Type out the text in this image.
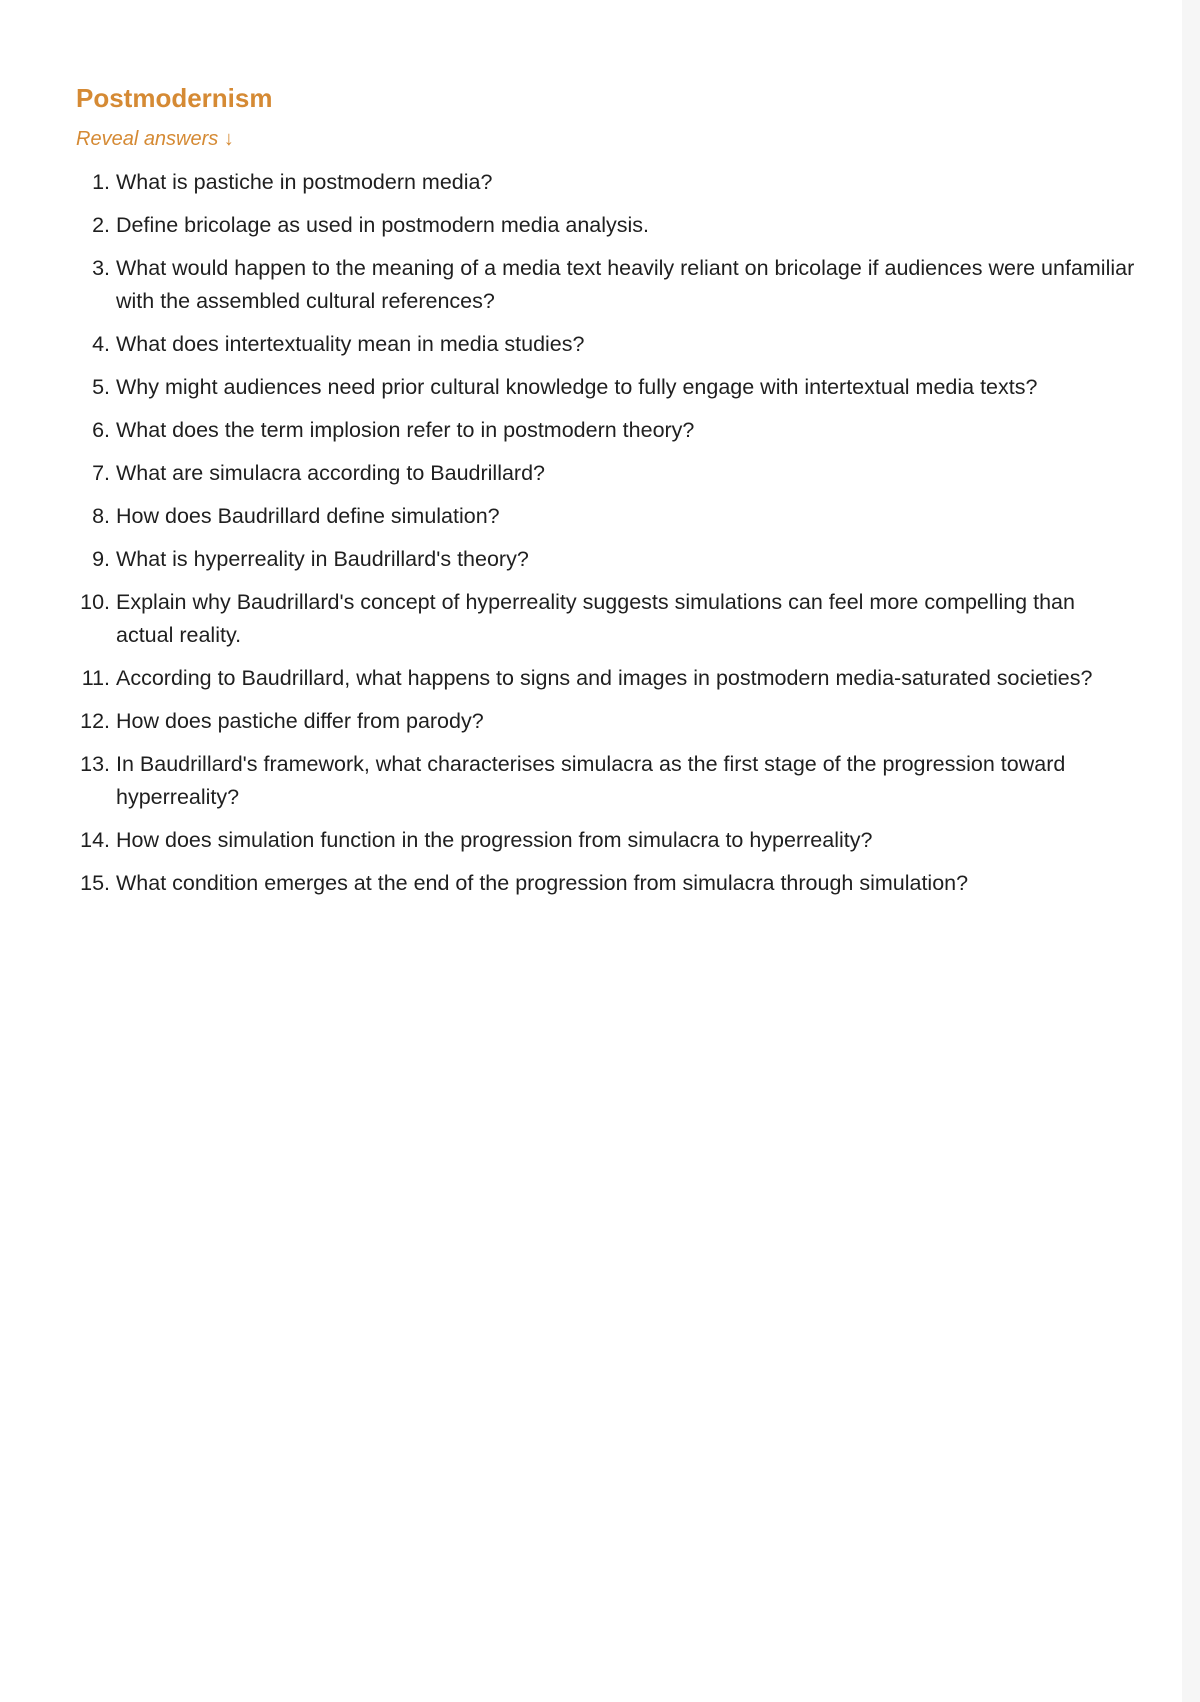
Postmodernism
Reveal answers ↓
1. What is pastiche in postmodern media?
2. Define bricolage as used in postmodern media analysis.
3. What would happen to the meaning of a media text heavily reliant on bricolage if audiences were unfamiliar with the assembled cultural references?
4. What does intertextuality mean in media studies?
5. Why might audiences need prior cultural knowledge to fully engage with intertextual media texts?
6. What does the term implosion refer to in postmodern theory?
7. What are simulacra according to Baudrillard?
8. How does Baudrillard define simulation?
9. What is hyperreality in Baudrillard's theory?
10. Explain why Baudrillard's concept of hyperreality suggests simulations can feel more compelling than actual reality.
11. According to Baudrillard, what happens to signs and images in postmodern media-saturated societies?
12. How does pastiche differ from parody?
13. In Baudrillard's framework, what characterises simulacra as the first stage of the progression toward hyperreality?
14. How does simulation function in the progression from simulacra to hyperreality?
15. What condition emerges at the end of the progression from simulacra through simulation?
